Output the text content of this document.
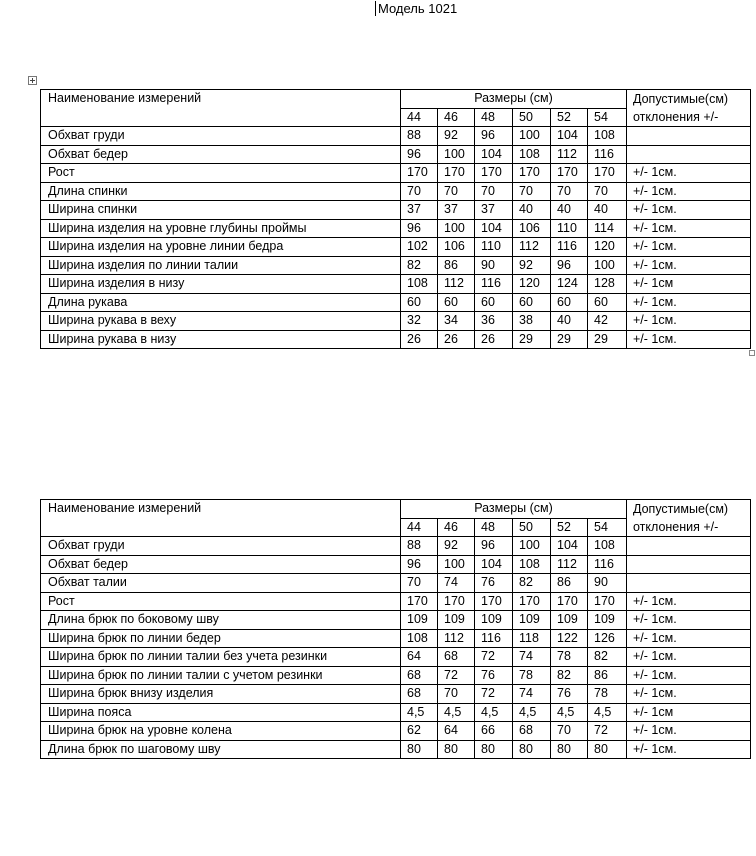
Модель 1021
Наименование измерений	Размеры (см)						Допустимые(см)
отклонения +/-

	44	46	48	50	52	54	
Обхват груди	88	92	96	100	104	108	
Обхват бедер	96	100	104	108	112	116	
Рост	170	170	170	170	170	170	+/- 1см.
Длина спинки	70	70	70	70	70	70	+/- 1см.
Ширина спинки	37	37	37	40	40	40	+/- 1см.
Ширина изделия на уровне глубины проймы	96	100	104	106	110	114	+/- 1см.
Ширина изделия на уровне линии бедра	102	106	110	112	116	120	+/- 1см.
Ширина изделия по линии талии	82	86	90	92	96	100	+/- 1см.
Ширина изделия в низу	108	112	116	120	124	128	+/- 1см
Длина рукава	60	60	60	60	60	60	+/- 1см.
Ширина рукава в веху	32	34	36	38	40	42	+/- 1см.
Ширина рукава в низу	26	26	26	29	29	29	+/- 1см.
Наименование измерений	Размеры (см)						Допустимые(см)
отклонения +/-

	44	46	48	50	52	54	
Обхват груди	88	92	96	100	104	108	
Обхват бедер	96	100	104	108	112	116	
Обхват талии	70	74	76	82	86	90	
Рост	170	170	170	170	170	170	+/- 1см.
Длина брюк по боковому шву	109	109	109	109	109	109	+/- 1см.
Ширина брюк по линии бедер	108	112	116	118	122	126	+/- 1см.
Ширина брюк по линии талии без учета резинки	64	68	72	74	78	82	+/- 1см.
Ширина брюк по линии талии с учетом резинки	68	72	76	78	82	86	+/- 1см.
Ширина брюк внизу изделия	68	70	72	74	76	78	+/- 1см.
Ширина пояса	4,5	4,5	4,5	4,5	4,5	4,5	+/- 1см
Ширина брюк на уровне колена	62	64	66	68	70	72	+/- 1см.
Длина брюк по шаговому шву	80	80	80	80	80	80	+/- 1см.
